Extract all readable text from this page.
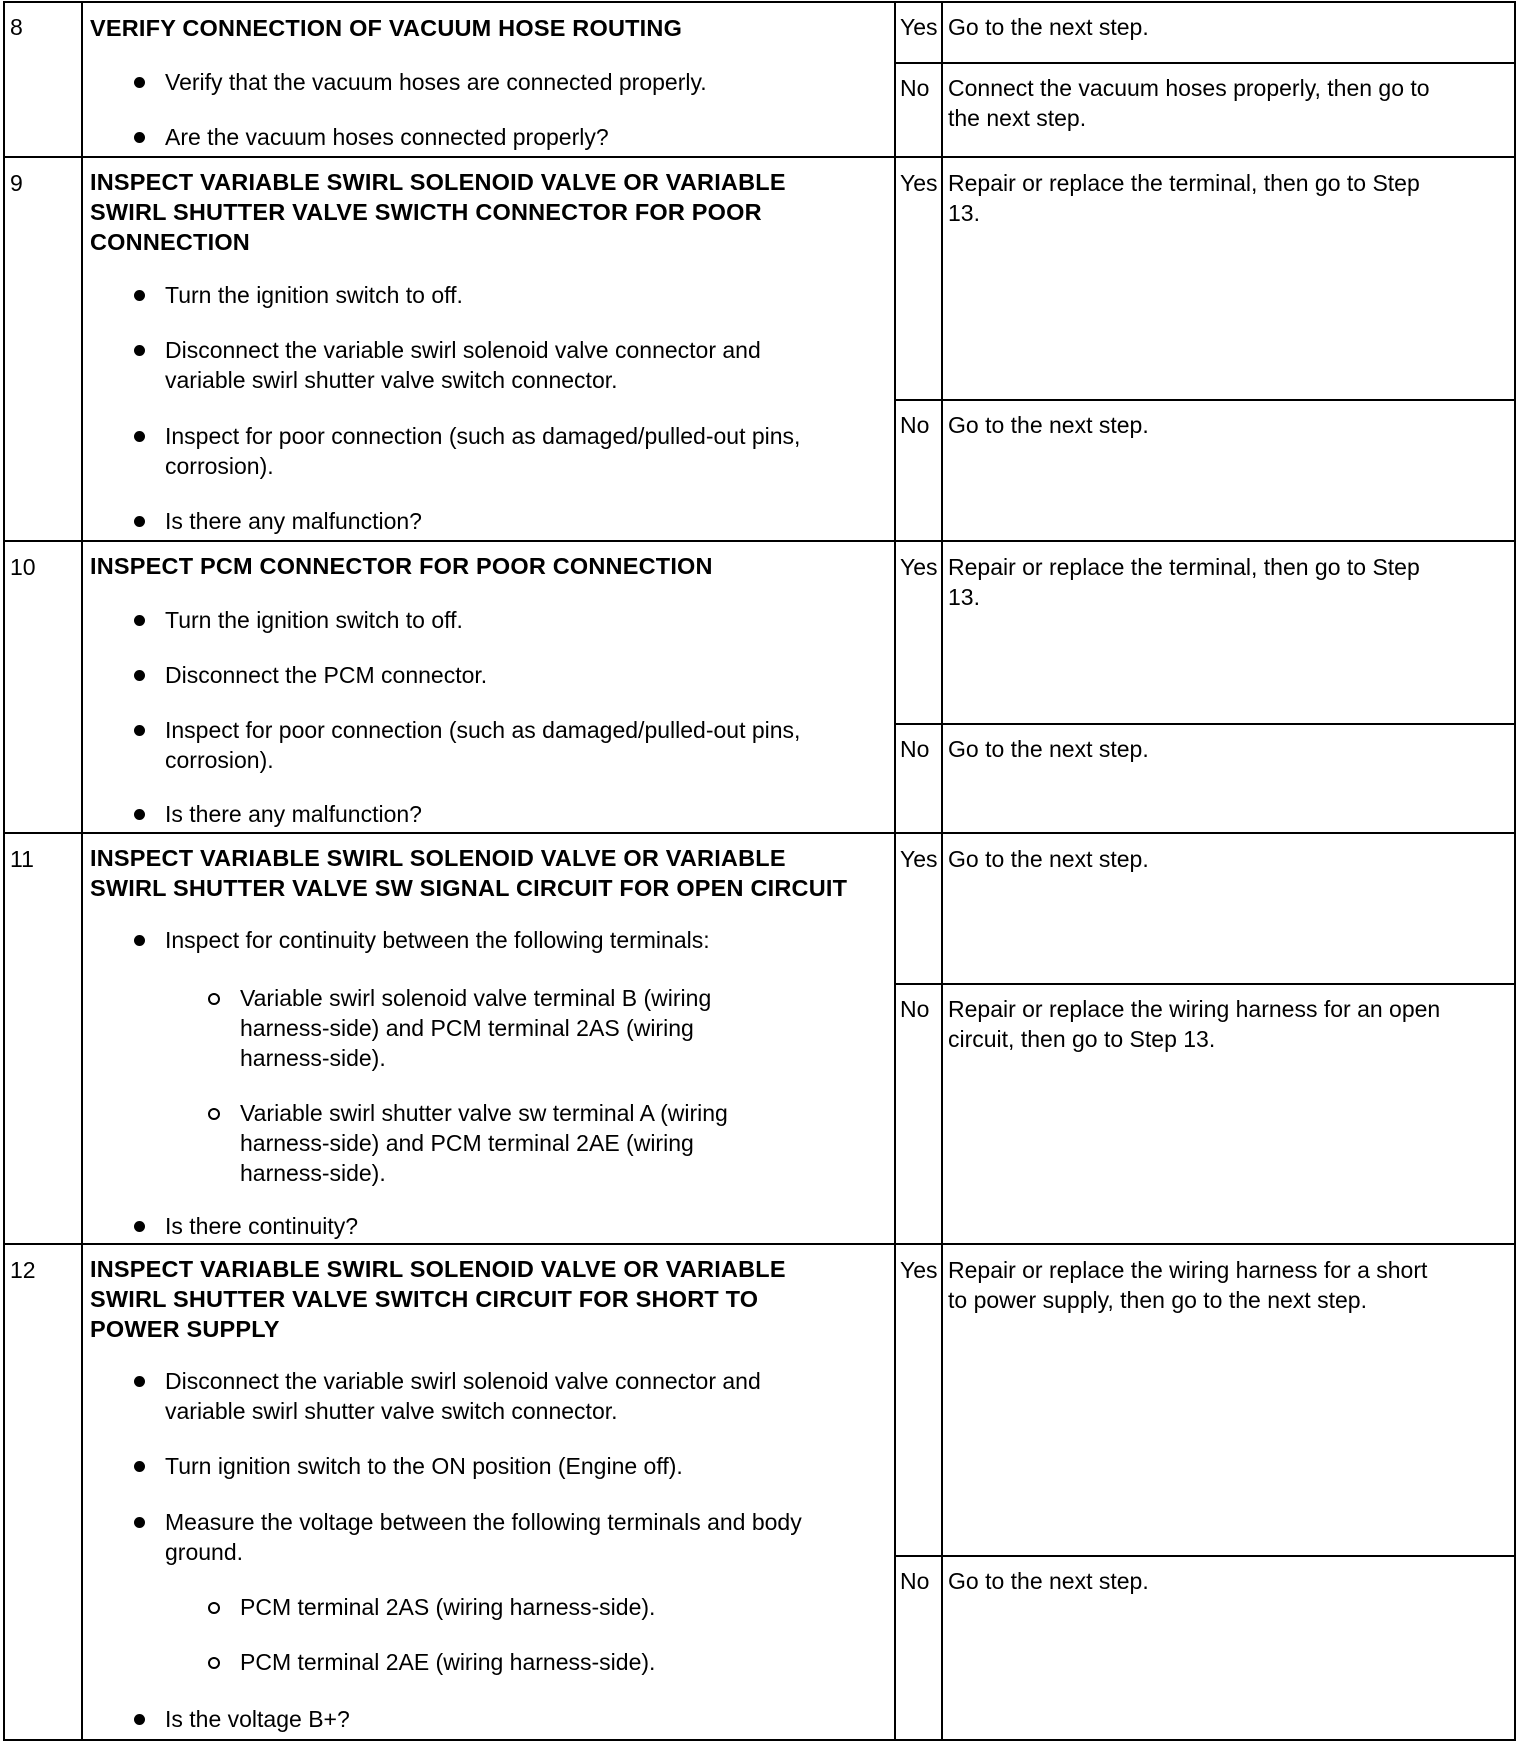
8	VERIFY CONNECTION OF VACUUM HOSE ROUTING
Verify that the vacuum hoses are connected properly.
Are the vacuum hoses connected properly?
Yes Go to the next step.
No Connect the vacuum hoses properly, then go to
the next step.
9	INSPECT VARIABLE SWIRL SOLENOID VALVE OR VARIABLE
SWIRL SHUTTER VALVE SWICTH CONNECTOR FOR POOR
CONNECTION
Turn the ignition switch to off.
Disconnect the variable swirl solenoid valve connector and
variable swirl shutter valve switch connector.
Inspect for poor connection (such as damaged/pulled-out pins,
corrosion).
Is there any malfunction?
Yes Repair or replace the terminal, then go to Step
13.
No Go to the next step.
10 INSPECT PCM CONNECTOR FOR POOR CONNECTION
Turn the ignition switch to off.
Disconnect the PCM connector.
Inspect for poor connection (such as damaged/pulled-out pins,
corrosion).
Is there any malfunction?
Yes Repair or replace the terminal, then go to Step
13.
No Go to the next step.
11 INSPECT VARIABLE SWIRL SOLENOID VALVE OR VARIABLE
SWIRL SHUTTER VALVE SW SIGNAL CIRCUIT FOR OPEN CIRCUIT
Inspect for continuity between the following terminals:
Variable swirl solenoid valve terminal B (wiring
harness-side) and PCM terminal 2AS (wiring
harness-side).
Variable swirl shutter valve sw terminal A (wiring
harness-side) and PCM terminal 2AE (wiring
harness-side).
Is there continuity?
Yes Go to the next step.
No Repair or replace the wiring harness for an open
circuit, then go to Step 13.
12 INSPECT VARIABLE SWIRL SOLENOID VALVE OR VARIABLE
SWIRL SHUTTER VALVE SWITCH CIRCUIT FOR SHORT TO
POWER SUPPLY
Disconnect the variable swirl solenoid valve connector and
variable swirl shutter valve switch connector.
Turn ignition switch to the ON position (Engine off).
Measure the voltage between the following terminals and body
ground.
PCM terminal 2AS (wiring harness-side).
PCM terminal 2AE (wiring harness-side).
Is the voltage B+?
Yes Repair or replace the wiring harness for a short
to power supply, then go to the next step.
No Go to the next step.
